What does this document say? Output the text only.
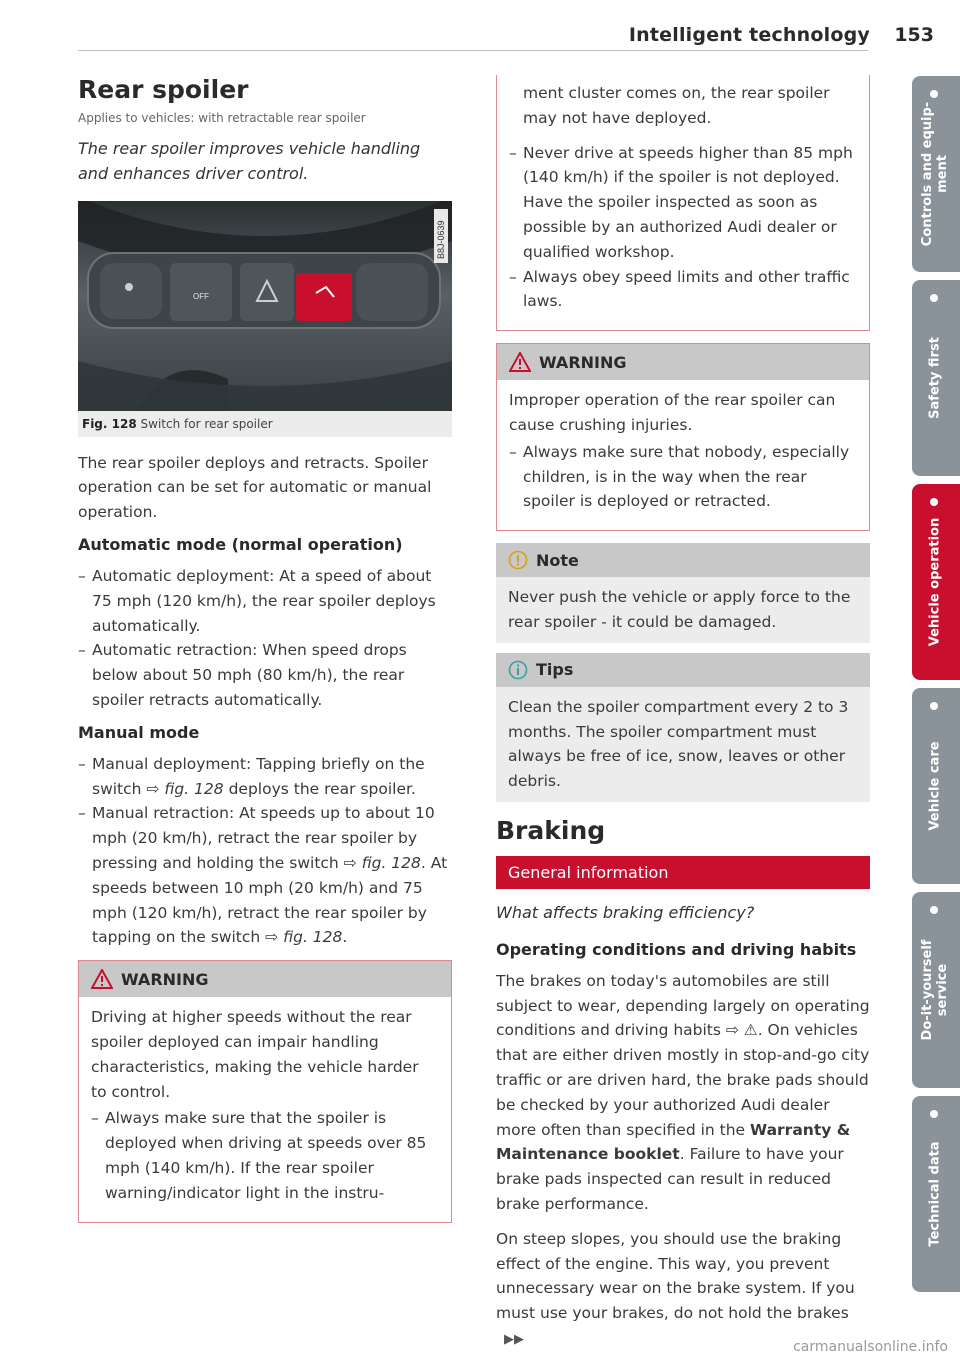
Intelligent technology 153
Rear spoiler
Applies to vehicles: with retractable rear spoiler
The rear spoiler improves vehicle handling and enhances driver control.
OFF
B8J-0639
Fig. 128 Switch for rear spoiler

The rear spoiler deploys and retracts. Spoiler operation can be set for automatic or manual operation.

Automatic mode (normal operation)
– Automatic deployment: At a speed of about 75 mph (120 km/h), the rear spoiler deploys automatically.
– Automatic retraction: When speed drops below about 50 mph (80 km/h), the rear spoiler retracts automatically.
Manual mode
– Manual deployment: Tapping briefly on the switch ⇨ fig. 128 deploys the rear spoiler.
– Manual retraction: At speeds up to about 10 mph (20 km/h), retract the rear spoiler by pressing and holding the switch ⇨ fig. 128. At speeds between 10 mph (20 km/h) and 75 mph (120 km/h), retract the rear spoiler by tapping on the switch ⇨ fig. 128.
WARNING

Driving at higher speeds without the rear spoiler deployed can impair handling characteristics, making the vehicle harder to control.

– Always make sure that the spoiler is deployed when driving at speeds over 85 mph (140 km/h). If the rear spoiler warning/indicator light in the instru-

ment cluster comes on, the rear spoiler may not have deployed.

– Never drive at speeds higher than 85 mph (140 km/h) if the spoiler is not deployed. Have the spoiler inspected as soon as possible by an authorized Audi dealer or qualified workshop.
– Always obey speed limits and other traffic laws.
WARNING

Improper operation of the rear spoiler can cause crushing injuries.

– Always make sure that nobody, especially children, is in the way when the rear spoiler is deployed or retracted.
Note

Never push the vehicle or apply force to the rear spoiler - it could be damaged.

Tips

Clean the spoiler compartment every 2 to 3 months. The spoiler compartment must always be free of ice, snow, leaves or other debris.

Braking
General information
What affects braking efficiency?
Operating conditions and driving habits

The brakes on today's automobiles are still subject to wear, depending largely on operating conditions and driving habits ⇨ ⚠. On vehicles that are either driven mostly in stop-and-go city traffic or are driven hard, the brake pads should be checked by your authorized Audi dealer more often than specified in the Warranty & Maintenance booklet. Failure to have your brake pads inspected can result in reduced brake performance.

On steep slopes, you should use the braking effect of the engine. This way, you prevent unnecessary wear on the brake system. If you must use your brakes, do not hold the brakes▶▶

Controls and equip-
ment
Safety first
Vehicle operation
Vehicle care
Do-it-yourself
service
Technical data
carmanualsonline.info
